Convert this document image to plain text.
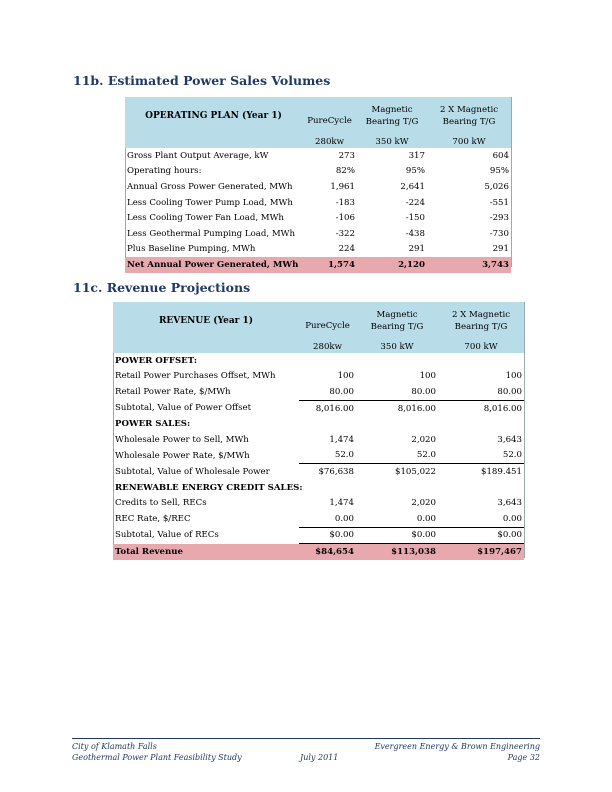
11b. Estimated Power Sales Volumes
OPERATING PLAN (Year 1)	PureCycle	Magnetic Bearing T/G	2 X Magnetic Bearing T/G
	280kw	350 kW	700 kW
Gross Plant Output Average, kW	273	317	604
Operating hours:	82%	95%	95%
Annual Gross Power Generated, MWh	1,961	2,641	5,026
Less Cooling Tower Pump Load, MWh	-183	-224	-551
Less Cooling Tower Fan Load, MWh	-106	-150	-293
Less Geothermal Pumping Load, MWh	-322	-438	-730
Plus Baseline Pumping, MWh	224	291	291
Net Annual Power Generated, MWh	1,574	2,120	3,743
11c. Revenue Projections
REVENUE (Year 1)	PureCycle	Magnetic Bearing T/G	2 X Magnetic Bearing T/G
	280kw	350 kW	700 kW
POWER OFFSET:			
Retail Power Purchases Offset, MWh	100	100	100
Retail Power Rate, $/MWh	80.00	80.00	80.00
Subtotal, Value of Power Offset	8,016.00	8,016.00	8,016.00
POWER SALES:			
Wholesale Power to Sell, MWh	1,474	2,020	3,643
Wholesale Power Rate, $/MWh	52.0	52.0	52.0
Subtotal, Value of Wholesale Power	$76,638	$105,022	$189.451
RENEWABLE ENERGY CREDIT SALES:			
Credits to Sell, RECs	1,474	2,020	3,643
REC Rate, $/REC	0.00	0.00	0.00
Subtotal, Value of RECs	$0.00	$0.00	$0.00
Total Revenue	$84,654	$113,038	$197,467
City of Klamath Falls
Geothermal Power Plant Feasibility Study	July 2011
Evergreen Energy & Brown Engineering
Page 32
